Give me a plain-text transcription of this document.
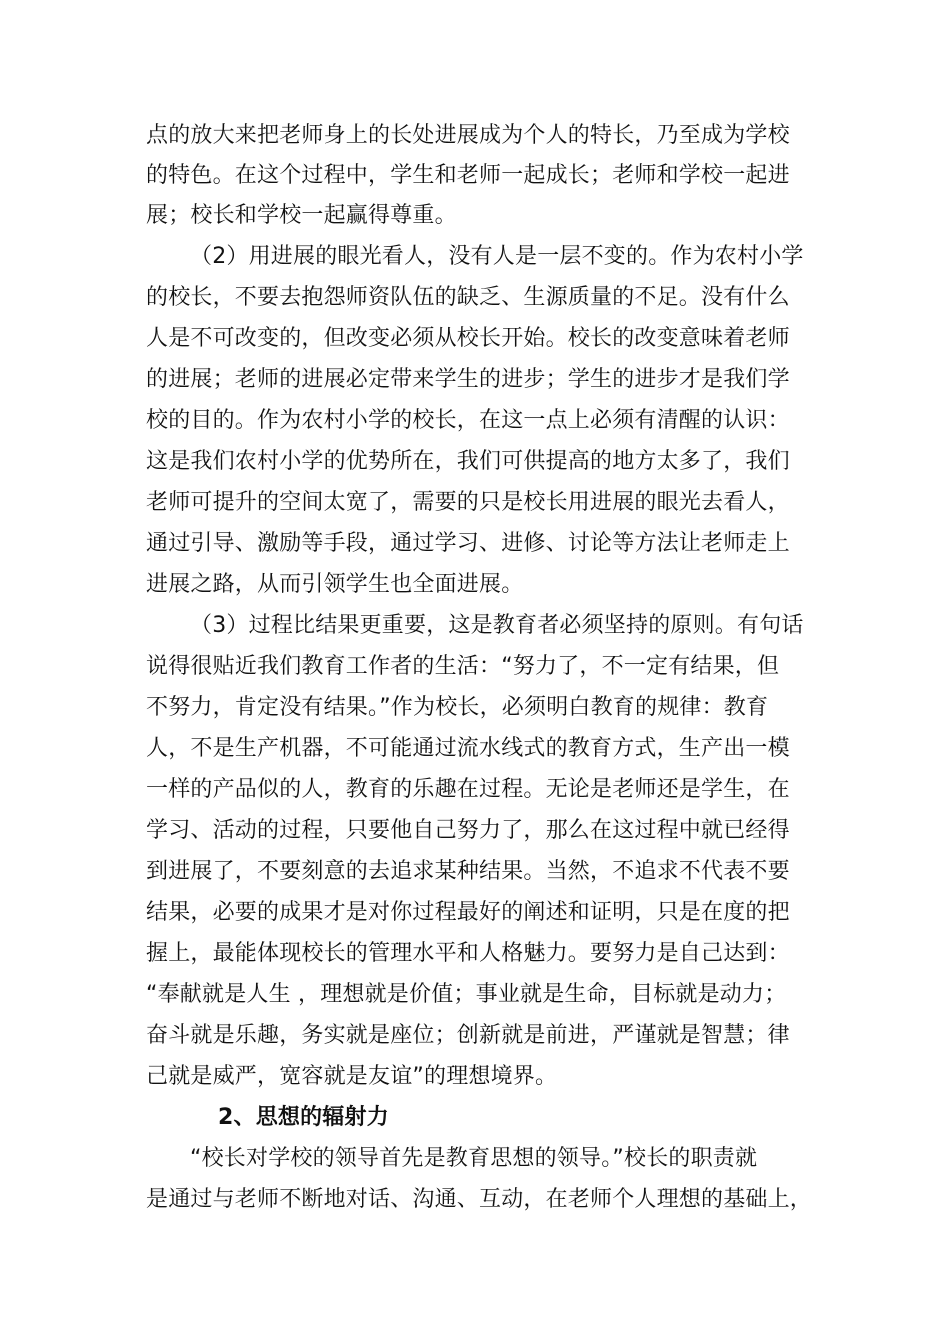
点的放大来把老师身上的长处进展成为个人的特长，乃至成为学校
的特色。在这个过程中，学生和老师一起成长；老师和学校一起进
展；校长和学校一起赢得尊重。
（2）用进展的眼光看人，没有人是一层不变的。作为农村小学
的校长，不要去抱怨师资队伍的缺乏、生源质量的不足。没有什么
人是不可改变的，但改变必须从校长开始。校长的改变意味着老师
的进展；老师的进展必定带来学生的进步；学生的进步才是我们学
校的目的。作为农村小学的校长，在这一点上必须有清醒的认识：
这是我们农村小学的优势所在，我们可供提高的地方太多了，我们
老师可提升的空间太宽了，需要的只是校长用进展的眼光去看人，
通过引导、激励等手段，通过学习、进修、讨论等方法让老师走上
进展之路，从而引领学生也全面进展。
（3）过程比结果更重要，这是教育者必须坚持的原则。有句话
说得很贴近我们教育工作者的生活：“努力了，不一定有结果，但
不努力，肯定没有结果。”作为校长，必须明白教育的规律：教育
人，不是生产机器，不可能通过流水线式的教育方式，生产出一模
一样的产品似的人，教育的乐趣在过程。无论是老师还是学生，在
学习、活动的过程，只要他自己努力了，那么在这过程中就已经得
到进展了，不要刻意的去追求某种结果。当然，不追求不代表不要
结果，必要的成果才是对你过程最好的阐述和证明，只是在度的把
握上，最能体现校长的管理水平和人格魅力。要努力是自己达到：
“奉献就是人生 ，理想就是价值；事业就是生命，目标就是动力；
奋斗就是乐趣，务实就是座位；创新就是前进，严谨就是智慧；律
己就是威严，宽容就是友谊”的理想境界。
2、思想的辐射力
“校长对学校的领导首先是教育思想的领导。”校长的职责就
是通过与老师不断地对话、沟通、互动，在老师个人理想的基础上，
